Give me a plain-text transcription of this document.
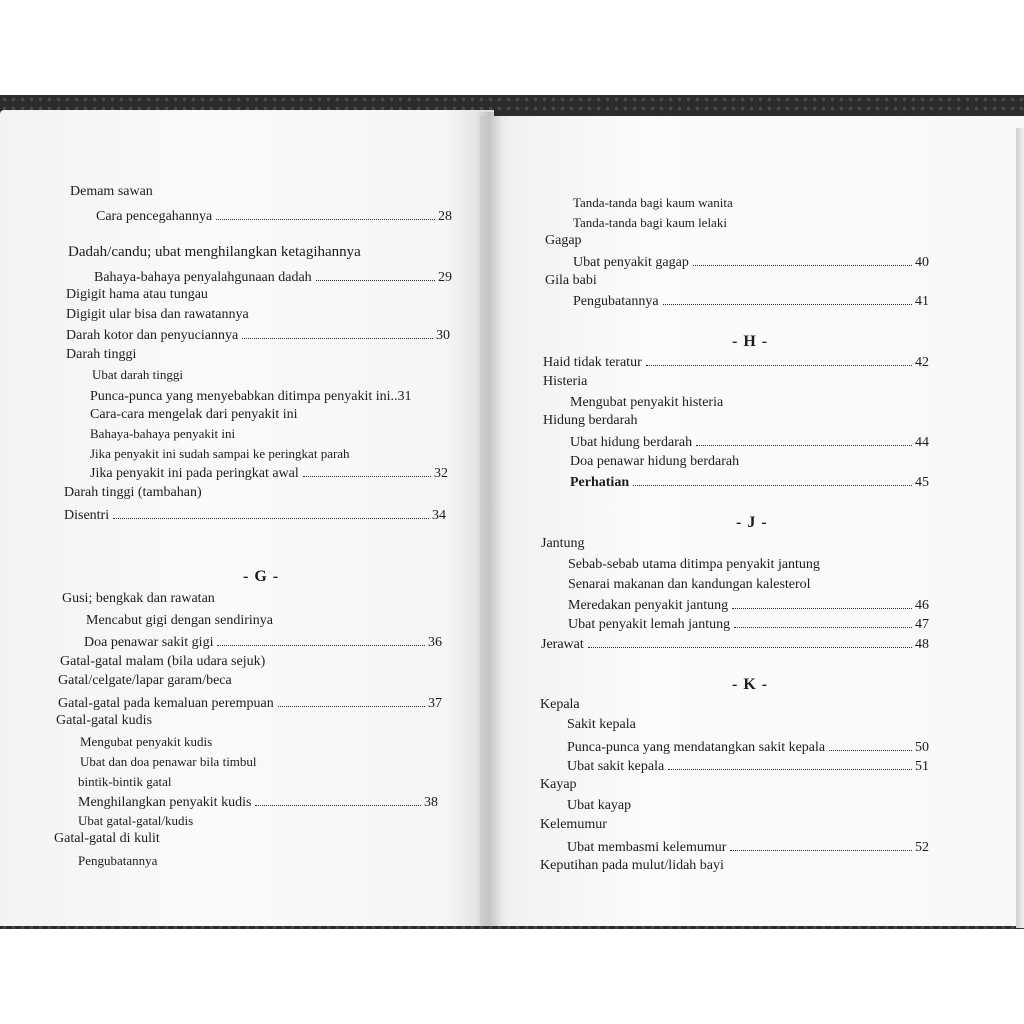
Demam sawan
Cara pencegahannya	28
Dadah/candu; ubat menghilangkan ketagihannya
Bahaya-bahaya penyalahgunaan dadah	29
Digigit hama atau tungau
Digigit ular bisa dan rawatannya
Darah kotor dan penyuciannya	30
Darah tinggi
Ubat darah tinggi
Punca-punca yang menyebabkan ditimpa penyakit ini..31
Cara-cara mengelak dari penyakit ini
Bahaya-bahaya penyakit ini
Jika penyakit ini sudah sampai ke peringkat parah
Jika penyakit ini pada peringkat awal	32
Darah tinggi (tambahan)
Disentri	34
- G -
Gusi; bengkak dan rawatan
Mencabut gigi dengan sendirinya
Doa penawar sakit gigi	36
Gatal-gatal malam (bila udara sejuk)
Gatal/celgate/lapar garam/beca
Gatal-gatal pada kemaluan perempuan	37
Gatal-gatal kudis
Mengubat penyakit kudis
Ubat dan doa penawar bila timbul
bintik-bintik gatal
Menghilangkan penyakit kudis	38
Ubat gatal-gatal/kudis
Gatal-gatal di kulit
Pengubatannya
Tanda-tanda bagi kaum wanita
Tanda-tanda bagi kaum lelaki
Gagap
Ubat penyakit gagap	40
Gila babi
Pengubatannya	41
- H -
Haid tidak teratur	42
Histeria
Mengubat penyakit histeria
Hidung berdarah
Ubat hidung berdarah	44
Doa penawar hidung berdarah
Perhatian	45
- J -
Jantung
Sebab-sebab utama ditimpa penyakit jantung
Senarai makanan dan kandungan kalesterol
Meredakan penyakit jantung	46
Ubat penyakit lemah jantung	47
Jerawat	48
- K -
Kepala
Sakit kepala
Punca-punca yang mendatangkan sakit kepala	50
Ubat sakit kepala	51
Kayap
Ubat kayap
Kelemumur
Ubat membasmi kelemumur	52
Keputihan pada mulut/lidah bayi
